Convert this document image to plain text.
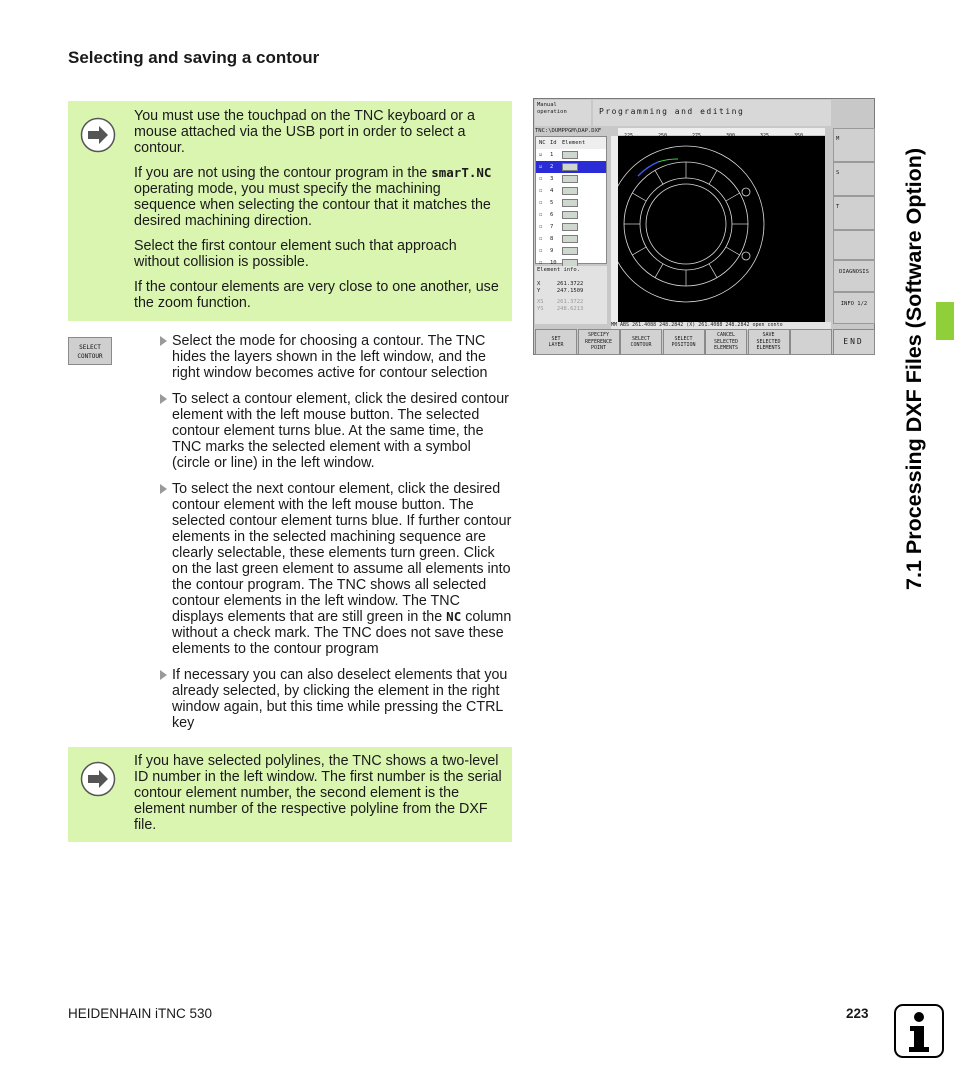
Selecting and saving a contour

You must use the touchpad on the TNC keyboard or a mouse attached via the USB port in order to select a contour.

If you are not using the contour program in the smarT.NC operating mode, you must specify the machining sequence when selecting the contour that it matches the desired machining direction.

Select the first contour element such that approach without collision is possible.

If the contour elements are very close to one another, use the zoom function.

SELECT
CONTOUR
Select the mode for choosing a contour. The TNC hides the layers shown in the left window, and the right window becomes active for contour selection
To select a contour element, click the desired contour element with the left mouse button. The selected contour element turns blue. At the same time, the TNC marks the selected element with a symbol (circle or line) in the left window.
To select the next contour element, click the desired contour element with the left mouse button. The selected contour element turns blue. If further contour elements in the selected machining sequence are clearly selectable, these elements turn green. Click on the last green element to assume all elements into the contour program. The TNC shows all selected contour elements in the left window. The TNC displays elements that are still green in the NC column without a check mark. The TNC does not save these elements to the contour program
If necessary you can also deselect elements that you already selected, by clicking the element in the right window again, but this time while pressing the CTRL key

If you have selected polylines, the TNC shows a two-level ID number in the left window. The first number is the serial contour element number, the second element is the element number of the respective polyline from the DXF file.

Manual
operation	Programming and editing
TNC:\DUMPPGM\DAP.DXF
NC Id Element
☑ 1
☑ 2
☐ 3
☐ 4
☐ 5
☐ 6
☐ 7
☐ 8
☐ 9
☐ 10
Element info.
X	261.3722
Y	247.1509
XS 261.3722
YS 248.6213
225	250	275	300	325	350
MM ABS 261.4088 248.2842 (X) 261.4088 248.2842 open conto
M
S
T
DIAGNOSIS
INFO 1/2
SET
LAYER
SPECIFY
REFERENCE
POINT
SELECT
CONTOUR
SELECT
POSITION
CANCEL
SELECTED
ELEMENTS
SAVE
SELECTED
ELEMENTS
END	7.1 Processing DXF Files (Software Option)
HEIDENHAIN iTNC 530	223
